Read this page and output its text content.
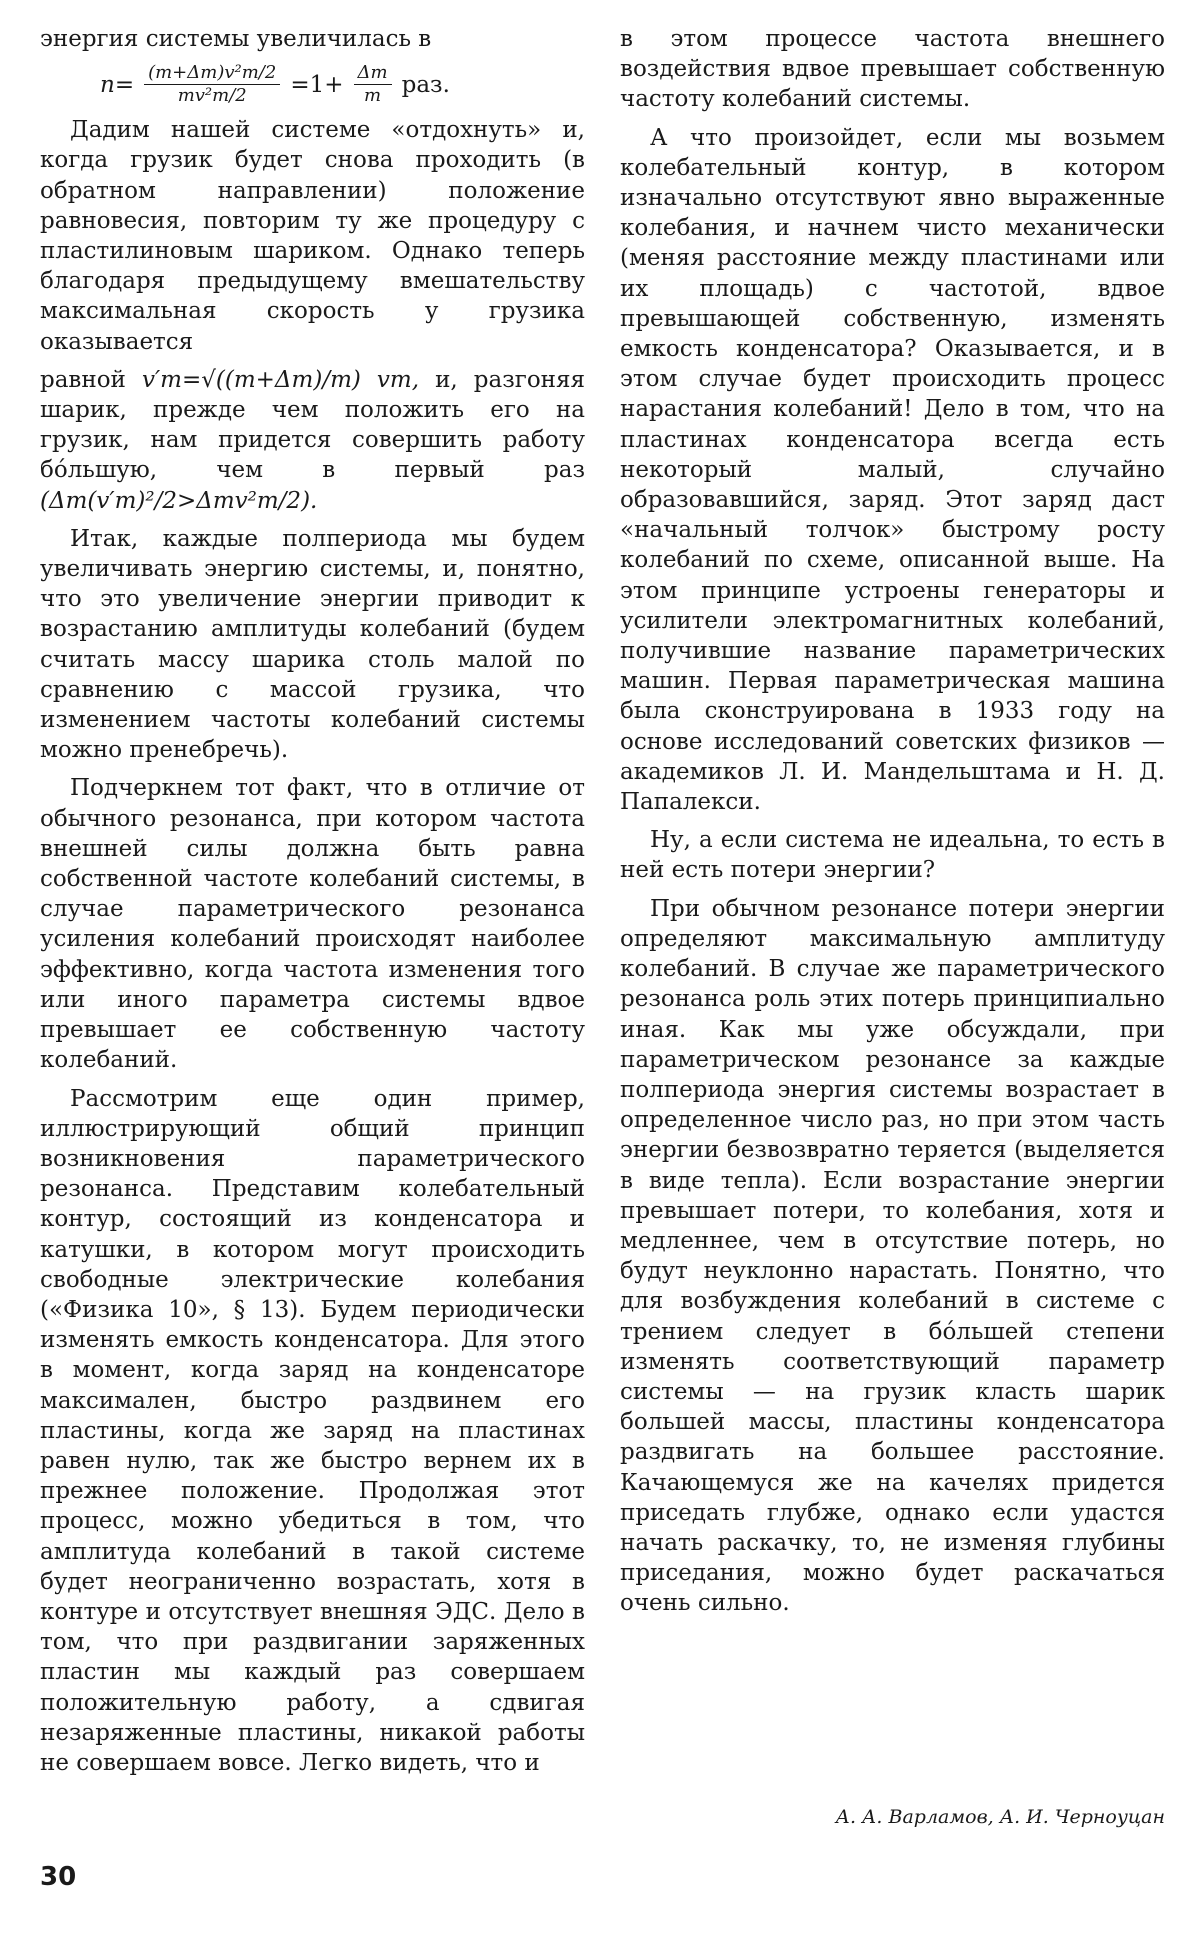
энергия системы увеличилась в

$n= \frac{\text{(m+Δm)v²m/2}}{\text{mv²m/2}} =1+ \frac{\Delta m}{m}$ раз.

Дадим нашей системе «отдохнуть» и, когда грузик будет снова проходить (в обратном направлении) положение равновесия, повторим ту же процедуру с пластилиновым шариком. Однако теперь благодаря предыдущему вмешательству максимальная скорость у грузика оказывается

равной v′m=√((m+Δm)/m) vm, и, разгоняя шарик, прежде чем положить его на грузик, нам придется совершить работу бо́льшую, чем в первый раз (Δm(v′m)²/2>Δmv²m/2).

Итак, каждые полпериода мы будем увеличивать энергию системы, и, понятно, что это увеличение энергии приводит к возрастанию амплитуды колебаний (будем считать массу шарика столь малой по сравнению с массой грузика, что изменением частоты колебаний системы можно пренебречь).

Подчеркнем тот факт, что в отличие от обычного резонанса, при котором частота внешней силы должна быть равна собственной частоте колебаний системы, в случае параметрического резонанса усиления колебаний происходят наиболее эффективно, когда частота изменения того или иного параметра системы вдвое превышает ее собственную частоту колебаний.

Рассмотрим еще один пример, иллюстрирующий общий принцип возникновения параметрического резонанса. Представим колебательный контур, состоящий из конденсатора и катушки, в котором могут происходить свободные электрические колебания («Физика 10», § 13). Будем периодически изменять емкость конденсатора. Для этого в момент, когда заряд на конденсаторе максимален, быстро раздвинем его пластины, когда же заряд на пластинах равен нулю, так же быстро вернем их в прежнее положение. Продолжая этот процесс, можно убедиться в том, что амплитуда колебаний в такой системе будет неограниченно возрастать, хотя в контуре и отсутствует внешняя ЭДС. Дело в том, что при раздвигании заряженных пластин мы каждый раз совершаем положительную работу, а сдвигая незаряженные пластины, никакой работы не совершаем вовсе. Легко видеть, что и

в этом процессе частота внешнего воздействия вдвое превышает собственную частоту колебаний системы.

А что произойдет, если мы возьмем колебательный контур, в котором изначально отсутствуют явно выраженные колебания, и начнем чисто механически (меняя расстояние между пластинами или их площадь) с частотой, вдвое превышающей собственную, изменять емкость конденсатора? Оказывается, и в этом случае будет происходить процесс нарастания колебаний! Дело в том, что на пластинах конденсатора всегда есть некоторый малый, случайно образовавшийся, заряд. Этот заряд даст «начальный толчок» быстрому росту колебаний по схеме, описанной выше. На этом принципе устроены генераторы и усилители электромагнитных колебаний, получившие название параметрических машин. Первая параметрическая машина была сконструирована в 1933 году на основе исследований советских физиков — академиков Л. И. Мандельштама и Н. Д. Папалекси.

Ну, а если система не идеальна, то есть в ней есть потери энергии?

При обычном резонансе потери энергии определяют максимальную амплитуду колебаний. В случае же параметрического резонанса роль этих потерь принципиально иная. Как мы уже обсуждали, при параметрическом резонансе за каждые полпериода энергия системы возрастает в определенное число раз, но при этом часть энергии безвозвратно теряется (выделяется в виде тепла). Если возрастание энергии превышает потери, то колебания, хотя и медленнее, чем в отсутствие потерь, но будут неуклонно нарастать. Понятно, что для возбуждения колебаний в системе с трением следует в бо́льшей степени изменять соответствующий параметр системы — на грузик класть шарик большей массы, пластины конденсатора раздвигать на большее расстояние. Качающемуся же на качелях придется приседать глубже, однако если удастся начать раскачку, то, не изменяя глубины приседания, можно будет раскачаться очень сильно.

А. А. Варламов, А. И. Черноуцан
30
